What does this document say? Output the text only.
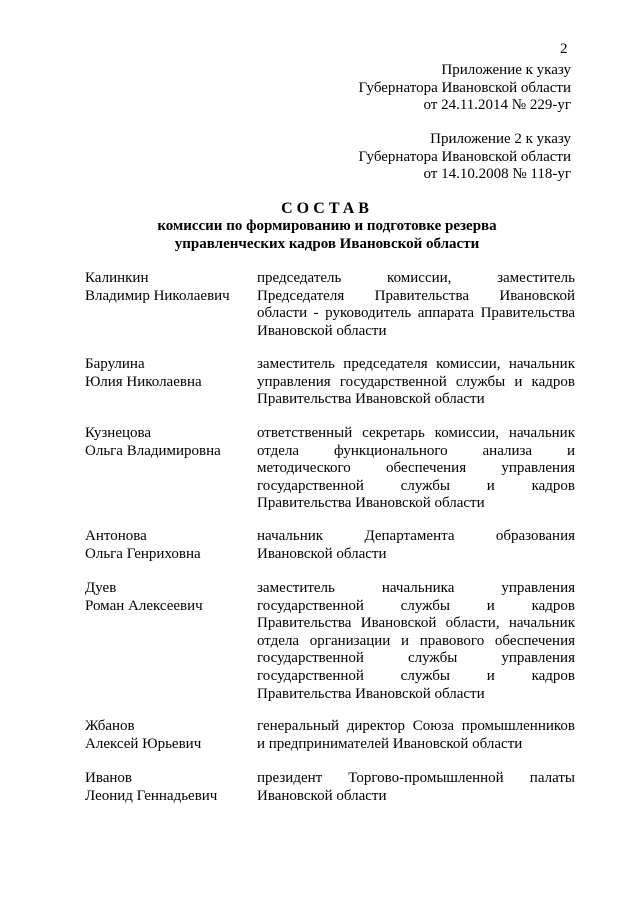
2
Приложение к указу
Губернатора Ивановской области
от 24.11.2014 № 229-уг
Приложение 2 к указу
Губернатора Ивановской области
от 14.10.2008 № 118-уг
СОСТАВ
комиссии по формированию и подготовке резерва
управленческих кадров Ивановской области
Калинкин
Владимир Николаевич
председатель комиссии, заместитель
Председателя Правительства Ивановской
области - руководитель аппарата Правительства
Ивановской области
Барулина
Юлия Николаевна
заместитель председателя комиссии, начальник
управления государственной службы и кадров
Правительства Ивановской области
Кузнецова
Ольга Владимировна
ответственный секретарь комиссии, начальник
отдела функционального анализа и
методического обеспечения управления
государственной службы и кадров
Правительства Ивановской области
Антонова
Ольга Генриховна
начальник Департамента образования
Ивановской области
Дуев
Роман Алексеевич
заместитель начальника управления
государственной службы и кадров
Правительства Ивановской области, начальник
отдела организации и правового обеспечения
государственной службы управления
государственной службы и кадров
Правительства Ивановской области
Жбанов
Алексей Юрьевич
генеральный директор Союза промышленников
и предпринимателей Ивановской области
Иванов
Леонид Геннадьевич
президент Торгово-промышленной палаты
Ивановской области
